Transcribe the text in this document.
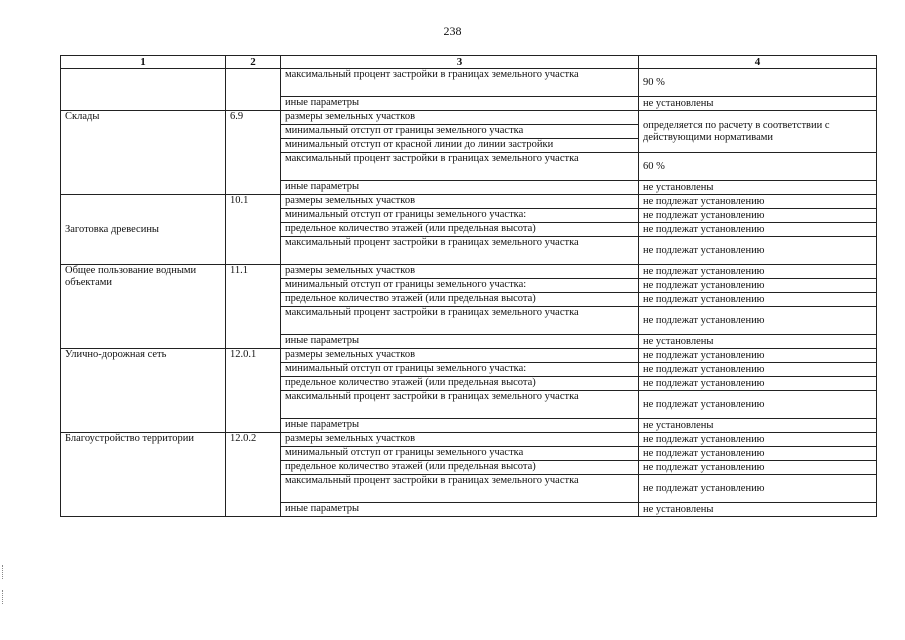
238
1	2	3	4
		максимальный процент застройки в границах земельного участка	90 %
		иные параметры	не установлены
Склады	6.9	размеры земельных участков	определяется по расчету в соответствии с действующими нормативами
		минимальный отступ от границы земельного участка	
		минимальный отступ от красной линии до линии застройки	
		максимальный процент застройки в границах земельного участка	60 %
		иные параметры	не установлены
Заготовка древесины	10.1	размеры земельных участков	не подлежат установлению
		минимальный отступ от границы земельного участка:	не подлежат установлению
		предельное количество этажей (или предельная высота)	не подлежат установлению
		максимальный процент застройки в границах земельного участка	не подлежат установлению
Общее пользование водными объектами	11.1	размеры земельных участков	не подлежат установлению
		минимальный отступ от границы земельного участка:	не подлежат установлению
		предельное количество этажей (или предельная высота)	не подлежат установлению
		максимальный процент застройки в границах земельного участка	не подлежат установлению
		иные параметры	не установлены
Улично-дорожная сеть	12.0.1	размеры земельных участков	не подлежат установлению
		минимальный отступ от границы земельного участка:	не подлежат установлению
		предельное количество этажей (или предельная высота)	не подлежат установлению
		максимальный процент застройки в границах земельного участка	не подлежат установлению
		иные параметры	не установлены
Благоустройство территории	12.0.2	размеры земельных участков	не подлежат установлению
		минимальный отступ от границы земельного участка	не подлежат установлению
		предельное количество этажей (или предельная высота)	не подлежат установлению
		максимальный процент застройки в границах земельного участка	не подлежат установлению
		иные параметры	не установлены
